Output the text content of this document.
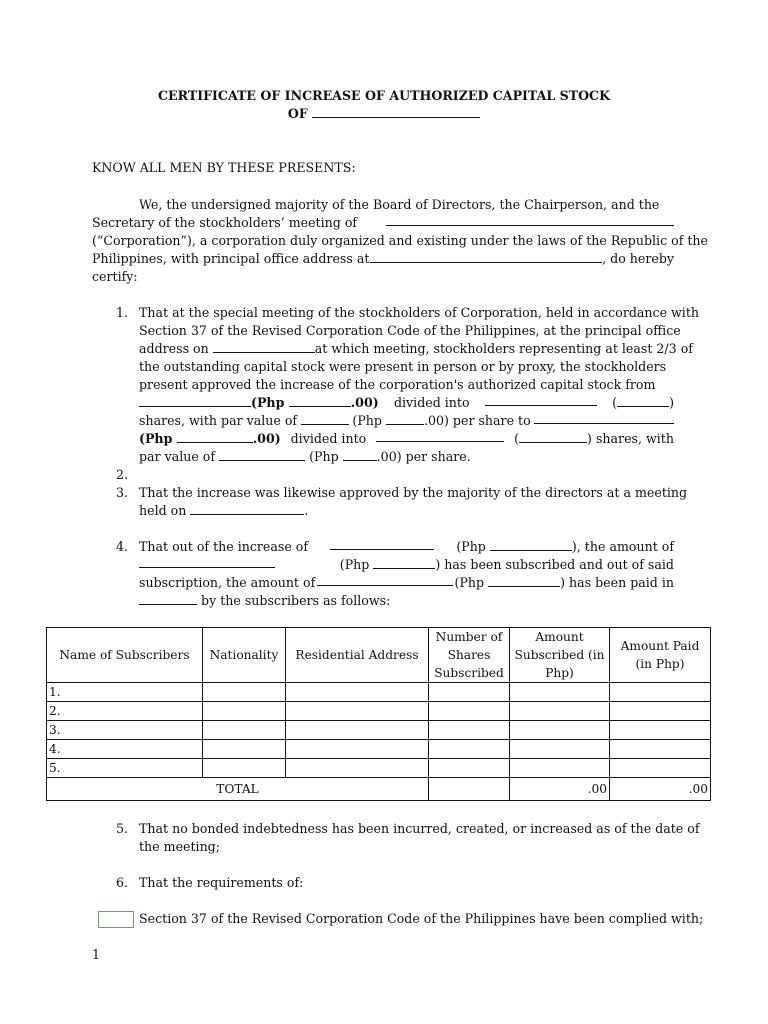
CERTIFICATE OF INCREASE OF AUTHORIZED CAPITAL STOCK
OF
KNOW ALL MEN BY THESE PRESENTS:
We, the undersigned majority of the Board of Directors, the Chairperson, and the
Secretary of the stockholders’ meeting of
(“Corporation”), a corporation duly organized and existing under the laws of the Republic of the
Philippines, with principal office address at	, do hereby
certify:
1. That at the special meeting of the stockholders of Corporation, held in accordance with
Section 37 of the Revised Corporation Code of the Philippines, at the principal office
address on	at which meeting, stockholders representing at least 2/3 of
the outstanding capital stock were present in person or by proxy, the stockholders
present approved the increase of the corporation's authorized capital stock from
(Php	.00) divided into	(	)
shares, with par value of	(Php	.00) per share to
(Php	.00) divided into	(	) shares, with
par value of	(Php	.00) per share.
2.
3. That the increase was likewise approved by the majority of the directors at a meeting
held on	.
4. That out of the increase of	(Php	), the amount of
(Php	) has been subscribed and out of said
subscription, the amount of	(Php	) has been paid in
by the subscribers as follows:
Name of Subscribers	Nationality	Residential Address	Number of Shares Subscribed	Amount Subscribed (in Php)	Amount Paid (in Php)
1.					
2.					
3.					
4.					
5.					
TOTAL				.00	.00
5. That no bonded indebtedness has been incurred, created, or increased as of the date of
the meeting;
6. That the requirements of:
Section 37 of the Revised Corporation Code of the Philippines have been complied with;
1
